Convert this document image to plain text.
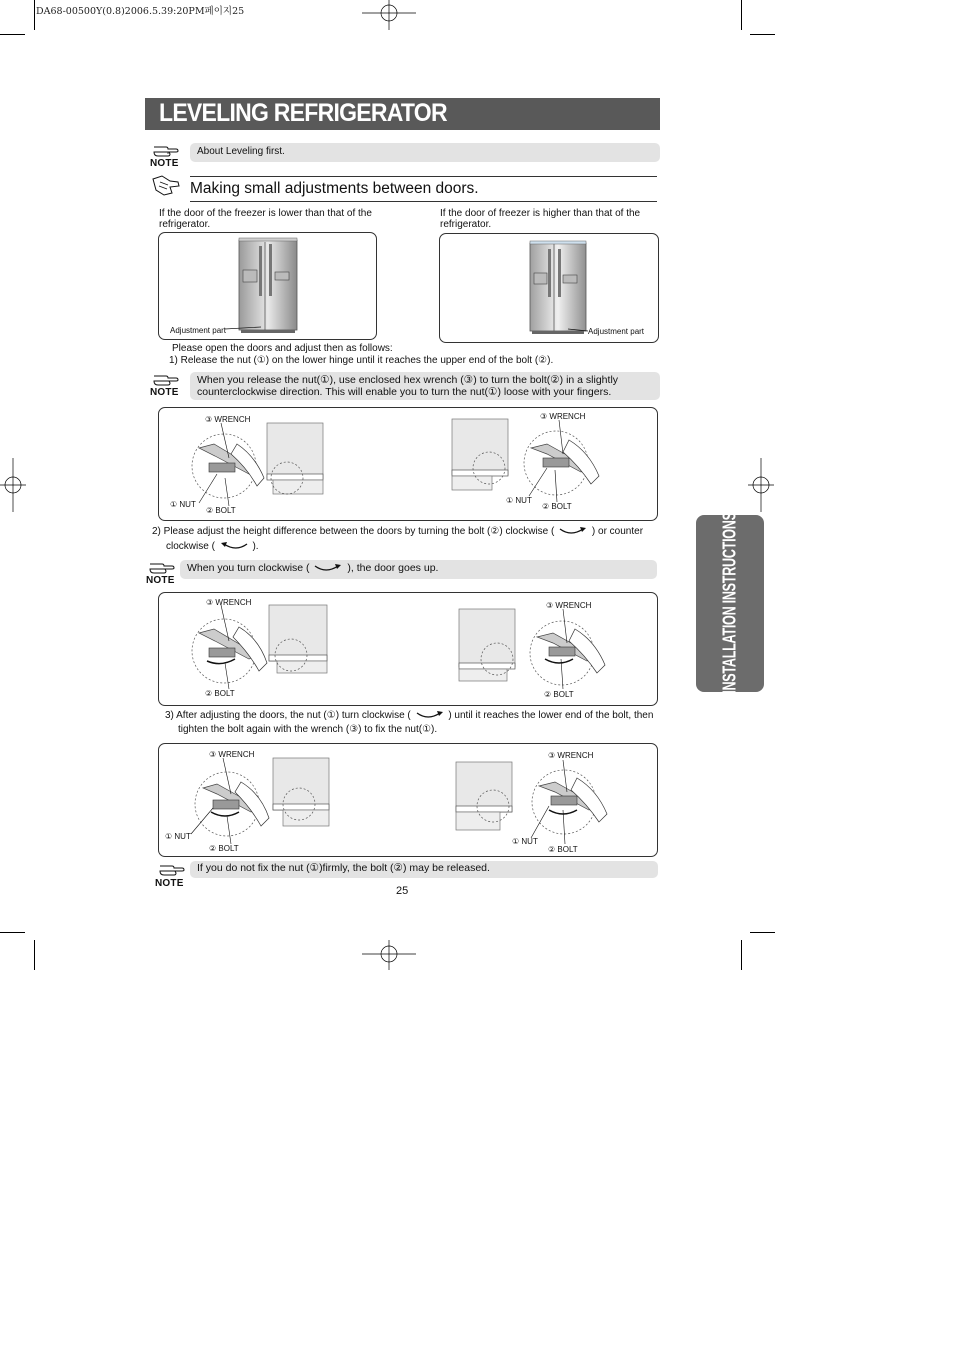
DA68-00500Y(0.8)2006.5.39:20PM페이지25
LEVELING REFRIGERATOR
NOTE
About Leveling first.
Making small adjustments between doors.
If the door of the freezer is lower than that of the refrigerator.
If the door of freezer is higher than that of the refrigerator.
Adjustment part	Adjustment part
Please open the doors and adjust then as follows:
1) Release the nut (①) on the lower hinge until it reaches the upper end of the bolt (②).
NOTE
When you release the nut(①), use enclosed hex wrench (③) to turn the bolt(②) in a slightly
counterclockwise direction. This will enable you to turn the nut(①) loose with your fingers.
③ WRENCH
① NUT
② BOLT
③ WRENCH
① NUT
② BOLT
2) Please adjust the height difference between the doors by turning the bolt (②) clockwise (	) or counter
clockwise (	).
NOTE
When you turn clockwise (	), the door goes up.
③ WRENCH
② BOLT
③ WRENCH
② BOLT
3) After adjusting the doors, the nut (①) turn clockwise (	) until it reaches the lower end of the bolt, then
tighten the bolt again with the wrench (③) to fix the nut(①).
③ WRENCH
① NUT
② BOLT
③ WRENCH
① NUT
② BOLT
NOTE
If you do not fix the nut (①)firmly, the bolt (②) may be released.
25
INSTALLATION INSTRUCTIONS
